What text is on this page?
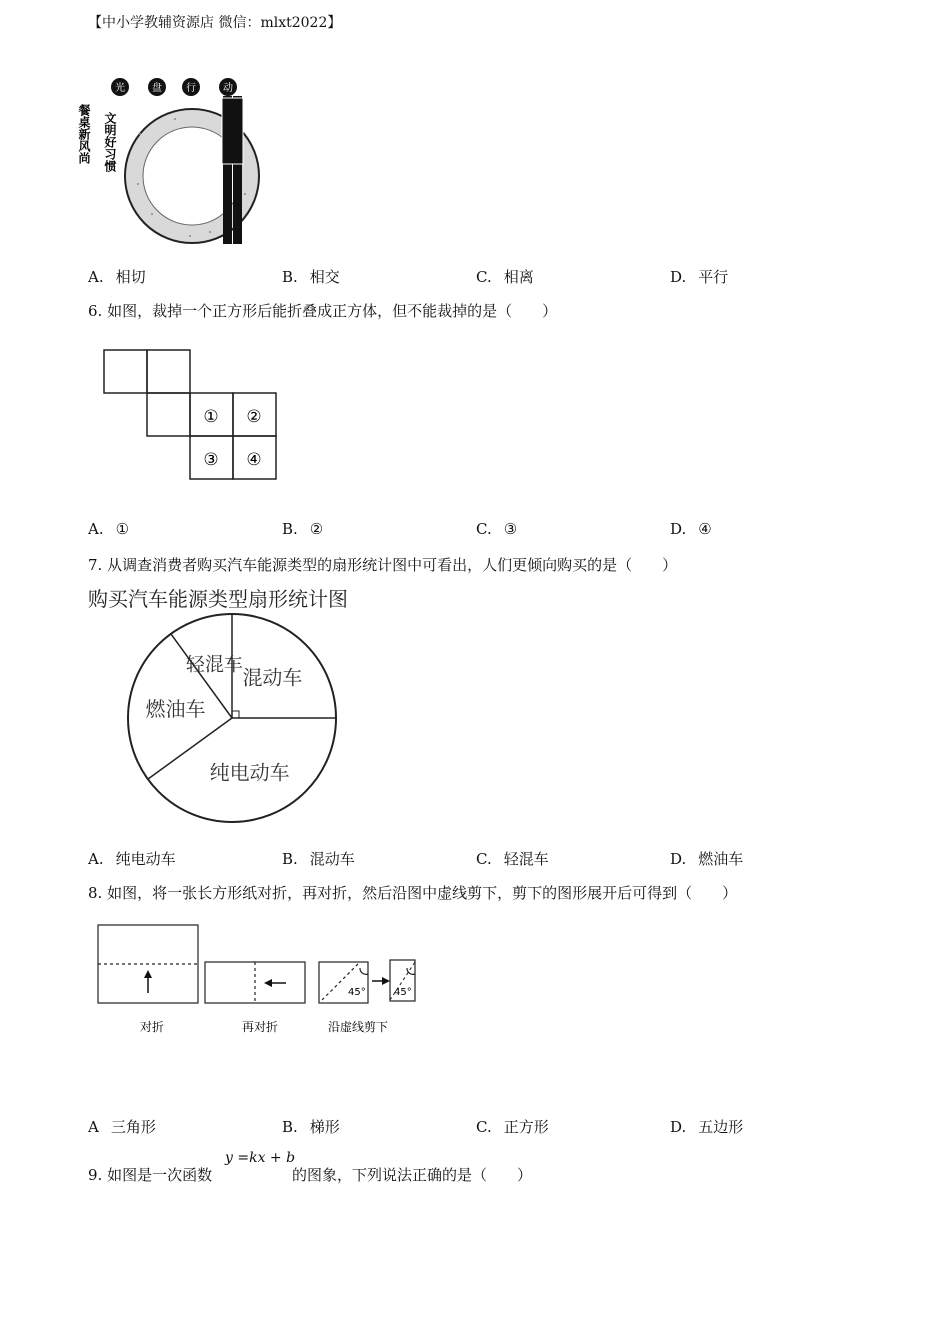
【中小学教辅资源店 微信：mlxt2022】
光	盘 行	动
餐桌新风尚 文明好习惯
A. 相切	B. 相交	C. 相离	D. 平行
6. 如图，裁掉一个正方形后能折叠成正方体，但不能裁掉的是（　　）
① ②
③ ④
A. ①	B. ②	C. ③	D. ④
7. 从调查消费者购买汽车能源类型的扇形统计图中可看出，人们更倾向购买的是（　　）
购买汽车能源类型扇形统计图
混动车
轻混车
燃油车
纯电动车
A. 纯电动车	B. 混动车	C. 轻混车	D. 燃油车
8. 如图，将一张长方形纸对折，再对折，然后沿图中虚线剪下，剪下的图形展开后可得到（　　）
45°	45°
对折	再对折	沿虚线剪下
A 三角形	B. 梯形	C. 正方形	D. 五边形
9. 如图是一次函数
y =kx + b
的图象，下列说法正确的是（　　）
